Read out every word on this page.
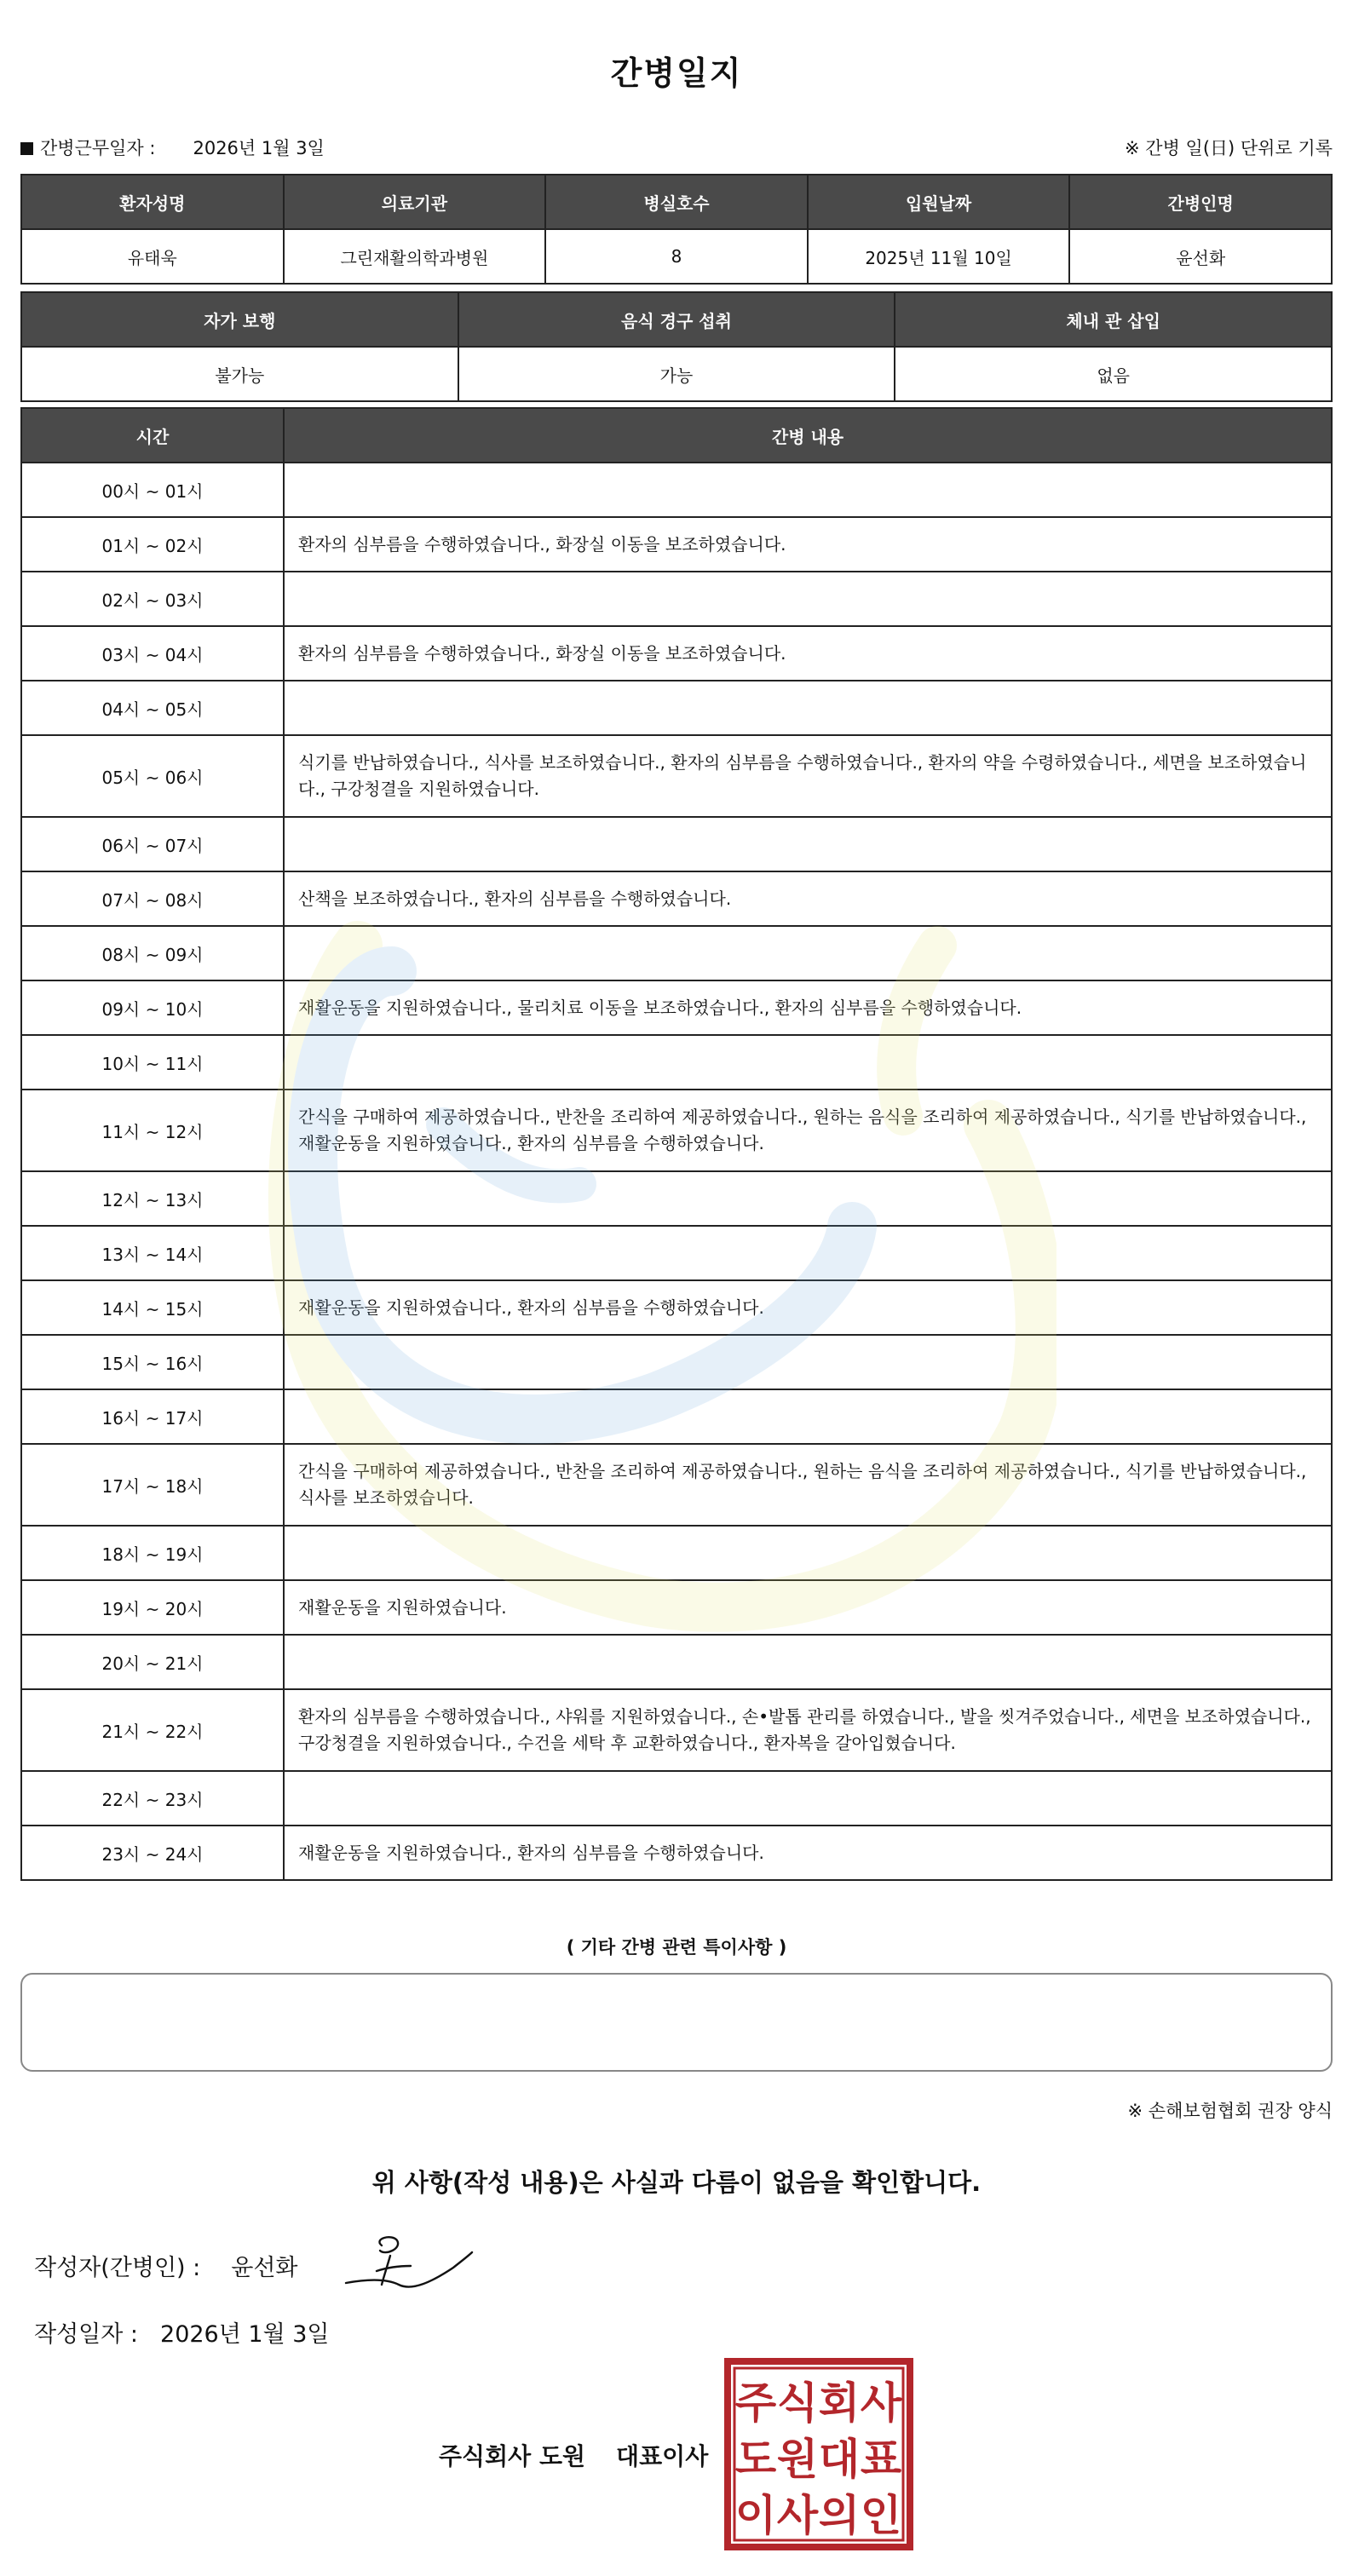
간병일지
간병근무일자 : 2026년 1월 3일	※ 간병 일(日) 단위로 기록
환자성명	의료기관	병실호수	입원날짜	간병인명
유태욱	그린재활의학과병원	8	2025년 11월 10일	윤선화
자가 보행	음식 경구 섭취	체내 관 삽입
불가능	가능	없음
시간	간병 내용
00시 ~ 01시	
01시 ~ 02시	환자의 심부름을 수행하였습니다., 화장실 이동을 보조하였습니다.
02시 ~ 03시	
03시 ~ 04시	환자의 심부름을 수행하였습니다., 화장실 이동을 보조하였습니다.
04시 ~ 05시	
05시 ~ 06시	식기를 반납하였습니다., 식사를 보조하였습니다., 환자의 심부름을 수행하였습니다., 환자의 약을 수령하였습니다., 세면을 보조하였습니다., 구강청결을 지원하였습니다.
06시 ~ 07시	
07시 ~ 08시	산책을 보조하였습니다., 환자의 심부름을 수행하였습니다.
08시 ~ 09시	
09시 ~ 10시	재활운동을 지원하였습니다., 물리치료 이동을 보조하였습니다., 환자의 심부름을 수행하였습니다.
10시 ~ 11시	
11시 ~ 12시	간식을 구매하여 제공하였습니다., 반찬을 조리하여 제공하였습니다., 원하는 음식을 조리하여 제공하였습니다., 식기를 반납하였습니다., 재활운동을 지원하였습니다., 환자의 심부름을 수행하였습니다.
12시 ~ 13시	
13시 ~ 14시	
14시 ~ 15시	재활운동을 지원하였습니다., 환자의 심부름을 수행하였습니다.
15시 ~ 16시	
16시 ~ 17시	
17시 ~ 18시	간식을 구매하여 제공하였습니다., 반찬을 조리하여 제공하였습니다., 원하는 음식을 조리하여 제공하였습니다., 식기를 반납하였습니다., 식사를 보조하였습니다.
18시 ~ 19시	
19시 ~ 20시	재활운동을 지원하였습니다.
20시 ~ 21시	
21시 ~ 22시	환자의 심부름을 수행하였습니다., 샤워를 지원하였습니다., 손•발톱 관리를 하였습니다., 발을 씻겨주었습니다., 세면을 보조하였습니다., 구강청결을 지원하였습니다., 수건을 세탁 후 교환하였습니다., 환자복을 갈아입혔습니다.
22시 ~ 23시	
23시 ~ 24시	재활운동을 지원하였습니다., 환자의 심부름을 수행하였습니다.
( 기타 간병 관련 특이사항 )
※ 손해보험협회 권장 양식
위 사항(작성 내용)은 사실과 다름이 없음을 확인합니다.
작성자(간병인) : 윤선화
작성일자 : 2026년 1월 3일
주식회사 도원 대표이사
주 식 회 사
도 원 대 표
이 사 의 인
